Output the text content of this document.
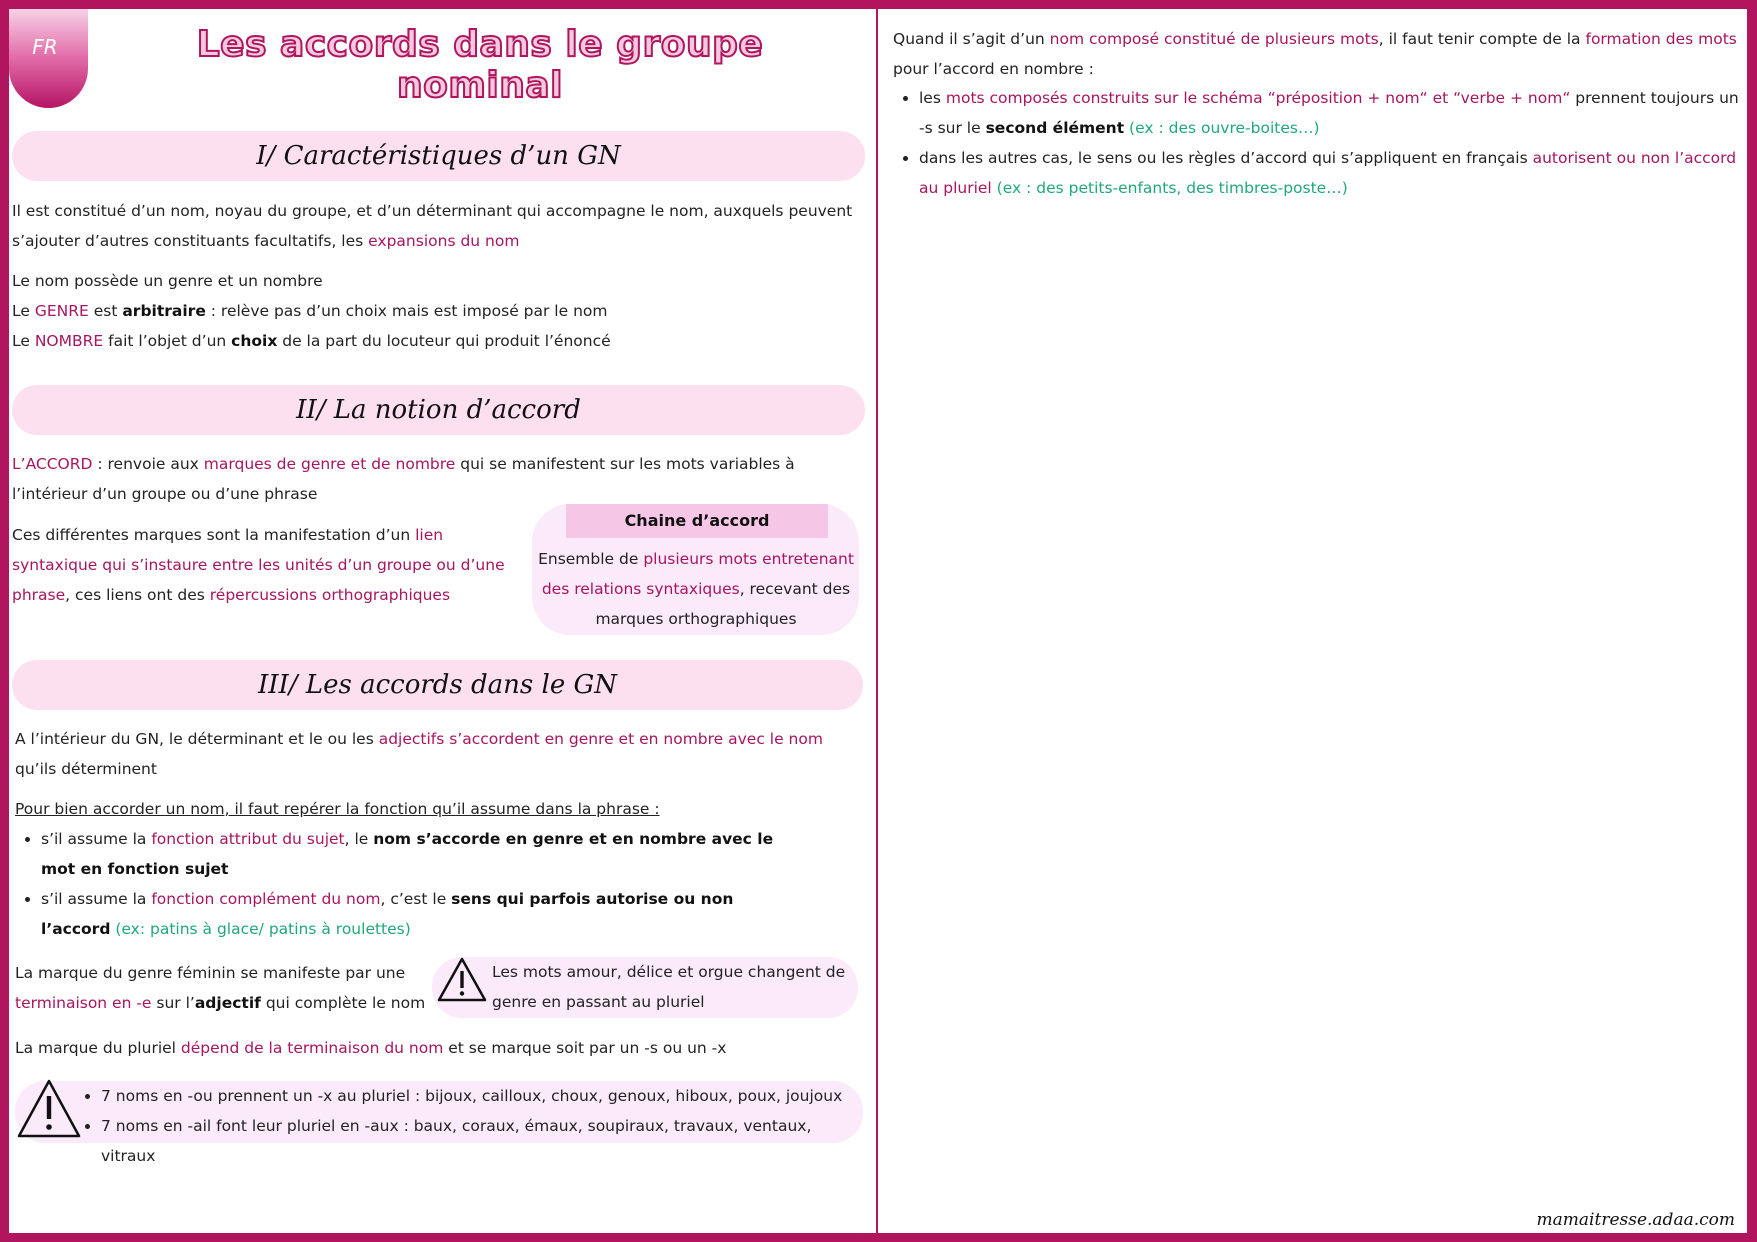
FR	Les accords dans le groupe nominal
I/ Caractéristiques d’un GN
Il est constitué d’un nom, noyau du groupe, et d’un déterminant qui accompagne le nom, auxquels peuvent s’ajouter d’autres constituants facultatifs, les expansions du nom
Le nom possède un genre et un nombre
Le GENRE est arbitraire : relève pas d’un choix mais est imposé par le nom
Le NOMBRE fait l’objet d’un choix de la part du locuteur qui produit l’énoncé
II/ La notion d’accord
L’ACCORD : renvoie aux marques de genre et de nombre qui se manifestent sur les mots variables à l’intérieur d’un groupe ou d’une phrase
Ces différentes marques sont la manifestation d’un lien syntaxique qui s’instaure entre les unités d’un groupe ou d’une phrase, ces liens ont des répercussions orthographiques
Chaine d’accord
Ensemble de plusieurs mots entretenant des relations syntaxiques, recevant des marques orthographiques
III/ Les accords dans le GN
A l’intérieur du GN, le déterminant et le ou les adjectifs s’accordent en genre et en nombre avec le nom qu’ils déterminent
Pour bien accorder un nom, il faut repérer la fonction qu’il assume dans la phrase :
• s’il assume la fonction attribut du sujet, le nom s’accorde en genre et en nombre avec le mot en fonction sujet
• s’il assume la fonction complément du nom, c’est le sens qui parfois autorise ou non l’accord (ex: patins à glace/ patins à roulettes)
La marque du genre féminin se manifeste par une terminaison en -e sur l’adjectif qui complète le nom
Les mots amour, délice et orgue changent de genre en passant au pluriel
La marque du pluriel dépend de la terminaison du nom et se marque soit par un -s ou un -x
• 7 noms en -ou prennent un -x au pluriel : bijoux, cailloux, choux, genoux, hiboux, poux, joujoux
• 7 noms en -ail font leur pluriel en -aux : baux, coraux, émaux, soupiraux, travaux, ventaux, vitraux
Quand il s’agit d’un nom composé constitué de plusieurs mots, il faut tenir compte de la formation des mots pour l’accord en nombre :
• les mots composés construits sur le schéma “préposition + nom“ et “verbe + nom“ prennent toujours un -s sur le second élément (ex : des ouvre-boites…)
• dans les autres cas, le sens ou les règles d’accord qui s’appliquent en français autorisent ou non l’accord au pluriel (ex : des petits-enfants, des timbres-poste…)
mamaitresse.adaa.com
